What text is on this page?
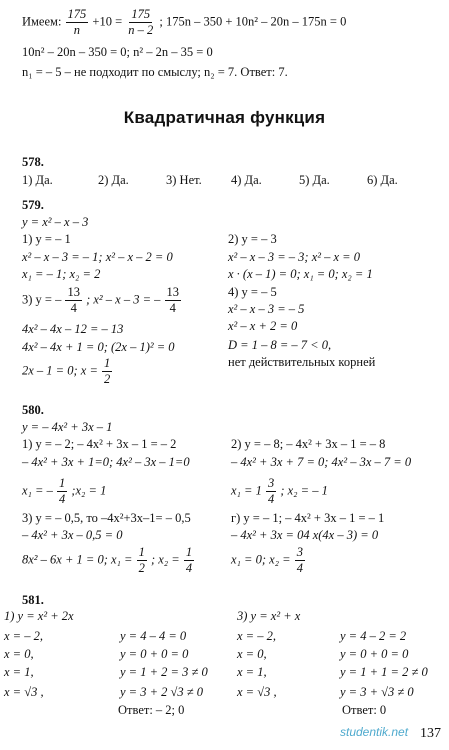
Имеем: $\frac{175}{n} +10 = \frac{175}{n - 2}$ ; 175n – 350 + 10n² – 20n – 175n = 0
10n² – 20n – 350 = 0; n² – 2n – 35 = 0
n₁ = – 5 – не подходит по смыслу; n₂ = 7. Ответ: 7.
Квадратичная функция
578.
1) Да.	2) Да.	3) Нет. 4) Да.	5) Да.	6) Да.
579.
y = x² – x – 3
1) y = – 1
x² – x – 3 = – 1; x² – x – 2 = 0
x₁ = – 1; x₂ = 2
3) y = – $\frac{13}{4}$ ; x² – x – 3 = – $\frac{13}{4}$
4x² – 4x – 12 = – 13
4x² – 4x + 1 = 0; (2x – 1)² = 0
2x – 1 = 0; $x = \frac{1}{2}$
2) y = – 3
x² – x – 3 = – 3; x² – x = 0
x · (x – 1) = 0; x₁ = 0; x₂ = 1
4) y = – 5
x² – x – 3 = – 5
x² – x + 2 = 0
D = 1 – 8 = – 7 < 0,
нет действительных корней
580.
y = – 4x² + 3x – 1
1) y = – 2; – 4x² + 3x – 1 = – 2
– 4x² + 3x + 1=0; 4x² – 3x – 1=0
x₁ = – $\frac{1}{4}$ ;x₂ = 1
3) y = – 0,5, то –4x²+3x–1= – 0,5
– 4x² + 3x – 0,5 = 0
8x² – 6x + 1 = 0; $x_1 = \frac{1}{2}$ ; $x_2 = \frac{1}{4}$
2) y = – 8; – 4x² + 3x – 1 = – 8
– 4x² + 3x + 7 = 0; 4x² – 3x – 7 = 0
$x_1 = 1 \frac{3}{4}$ ; x₂ = – 1
г) y = – 1; – 4x² + 3x – 1 = – 1
– 4x² + 3x = 04 x(4x – 3) = 0
x₁ = 0; $x_2 = \frac{3}{4}$
581.
1) y = x² + 2x	3) y = x² + x
x = – 2,	y = 4 – 4 = 0
x = 0,	y = 0 + 0 = 0
x = 1,	y = 1 + 2 = 3 ≠ 0
x = √3 ,	y = 3 + 2 √3 ≠ 0
Ответ: – 2; 0
x = – 2,	y = 4 – 2 = 2
x = 0,	y = 0 + 0 = 0
x = 1,	y = 1 + 1 = 2 ≠ 0
x = √3 ,	y = 3 + √3 ≠ 0
Ответ: 0
studentik.net 137
